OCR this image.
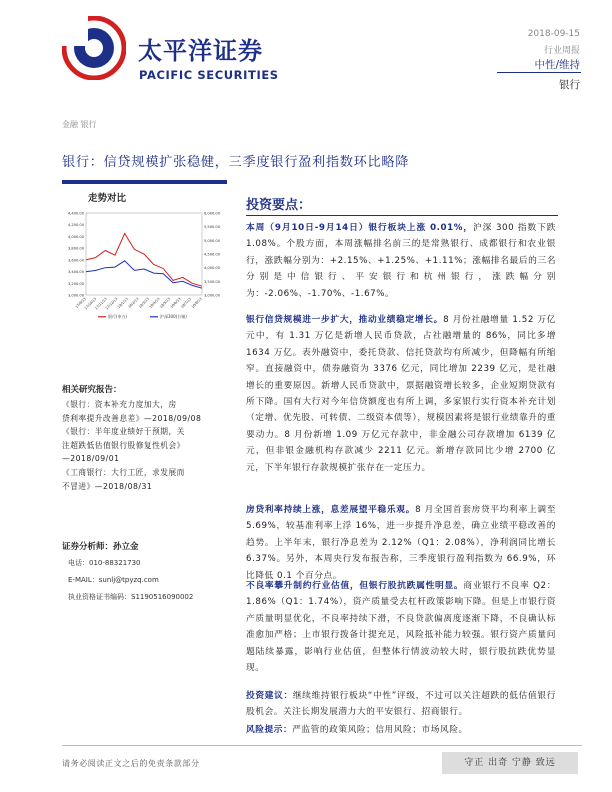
太平洋证券
PACIFIC SECURITIES
2018-09-15
行业周报
中性/维持
银行
金融 银行
银行：信贷规模扩张稳健，三季度银行盈利指数环比略降
走势对比
4,400.00
4,200.00
4,000.00
3,800.00
3,600.00
3,400.00
3,200.00
3,000.00
6,000.00
5,500.00
5,000.00
4,500.00
4,000.00
3,500.00
3,000.00
17/9/13
17/10/13
17/11/13
17/12/13
18/1/13
18/2/13
18/3/13
18/4/13
18/5/13
18/6/13
18/7/13
18/8/13
银行(申万)	沪深300(右轴)
相关研究报告：
《银行：资本补充力度加大，房
贷利率提升改善息差》—2018/09/08
《银行：半年度业绩好于预期，关
注超跌低估值银行股修复性机会》
—2018/09/01
《工商银行：大行工匠，求发展而
不冒进》—2018/08/31
证券分析师：孙立金
电话：010-88321730
E-MAIL：sunlj@tpyzq.com
执业资格证书编码：S1190516090002
投资要点：
本周（9月10日-9月14日）银行板块上涨 0.01%，沪深 300 指数下跌 1.08%。个股方面，本周涨幅排名前三的是常熟银行、成都银行和农业银行，涨跌幅分别为：+2.15%、+1.25%、+1.11%；涨幅排名最后的三名分别是中信银行、平安银行和杭州银行，涨跌幅分别为：-2.06%、-1.70%、-1.67%。
银行信贷规模进一步扩大，推动业绩稳定增长。8 月份社融增量 1.52 万亿元中，有 1.31 万亿是新增人民币贷款，占社融增量的 86%，同比多增 1634 万亿。表外融资中，委托贷款、信托贷款均有所减少，但降幅有所缩窄。直接融资中，债券融资为 3376 亿元，同比增加 2239 亿元，是社融增长的重要原因。新增人民币贷款中，票据融资增长较多，企业短期贷款有所下降。国有大行对今年信贷额度也有所上调，多家银行实行资本补充计划（定增、优先股、可转债、二级资本债等），规模因素将是银行业绩靠升的重要动力。8 月份新增 1.09 万亿元存款中，非金融公司存款增加 6139 亿元，但非银金融机构存款减少 2211 亿元。新增存款同比少增 2700 亿元，下半年银行存款规模扩张存在一定压力。
房贷利率持续上涨，息差展望平稳乐观。8 月全国首套房贷平均利率上调至 5.69%，较基准利率上浮 16%，进一步提升净息差，确立业绩平稳改善的趋势。上半年末，银行净息差为 2.12%（Q1：2.08%），净利润同比增长 6.37%。另外，本周央行发布报告称，三季度银行盈利指数为 66.9%，环比降低 0.1 个百分点。
不良率攀升制约行业估值，但银行股抗跌属性明显。商业银行不良率 Q2：1.86%（Q1：1.74%），资产质量受去杠杆政策影响下降。但是上市银行资产质量明显优化，不良率持续下滑，不良贷款偏离度逐渐下降，不良确认标准愈加严格；上市银行拨备计提充足，风险抵补能力较强。银行资产质量问题陆续暴露，影响行业估值，但整体行情波动较大时，银行股抗跌优势显现。
投资建议：继续维持银行板块“中性”评级，不过可以关注超跌的低估值银行股机会。关注长期发展潜力大的平安银行、招商银行。
风险提示：严监管的政策风险；信用风险；市场风险。
请务必阅读正文之后的免责条款部分	守正 出奇 宁静 致远
